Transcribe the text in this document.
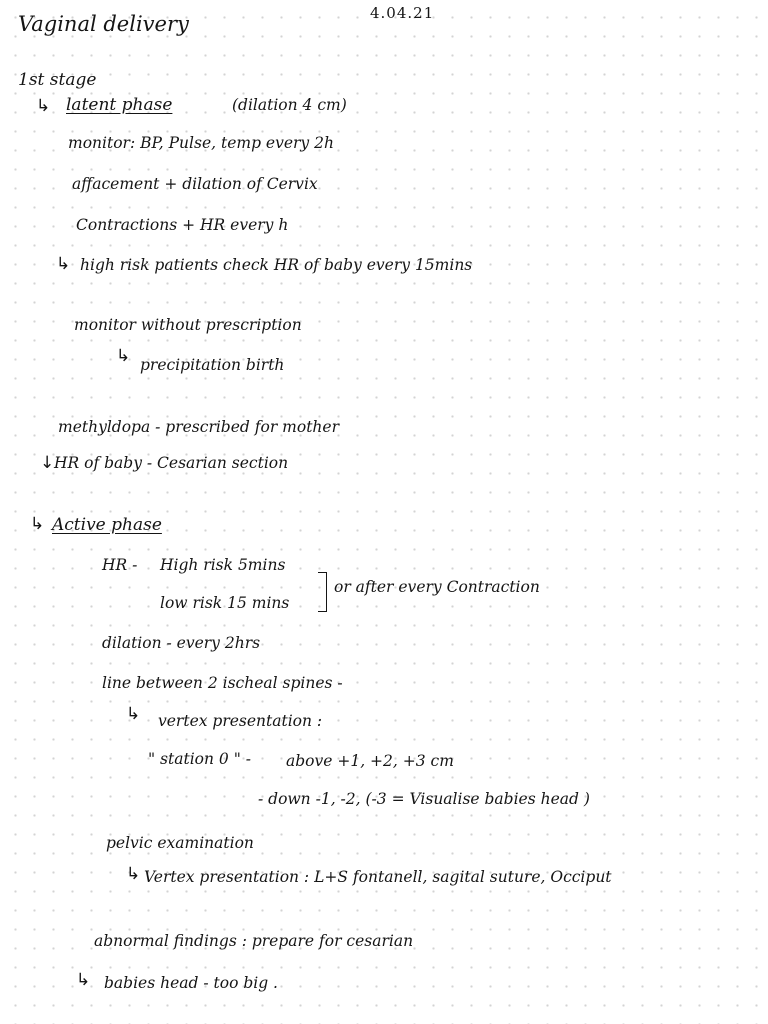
Vaginal delivery	4.04.21
1st stage
↳ latent phase	(dilation 4 cm)
monitor: BP, Pulse, temp every 2h
affacement + dilation of Cervix
Contractions + HR every h
↳ high risk patients check HR of baby every 15mins
monitor without prescription
↳ precipitation birth
methyldopa - prescribed for mother
↓ HR of baby - Cesarian section
↳ Active phase
HR - High risk 5mins
low risk 15 mins
or after every Contraction
dilation - every 2hrs
line between 2 ischeal spines -
↳ vertex presentation :
" station 0 " - above +1, +2, +3 cm
- down -1, -2, (-3 = Visualise babies head )
pelvic examination
↳ Vertex presentation : L+S fontanell, sagital suture, Occiput
abnormal findings : prepare for cesarian
↳ babies head - too big .
